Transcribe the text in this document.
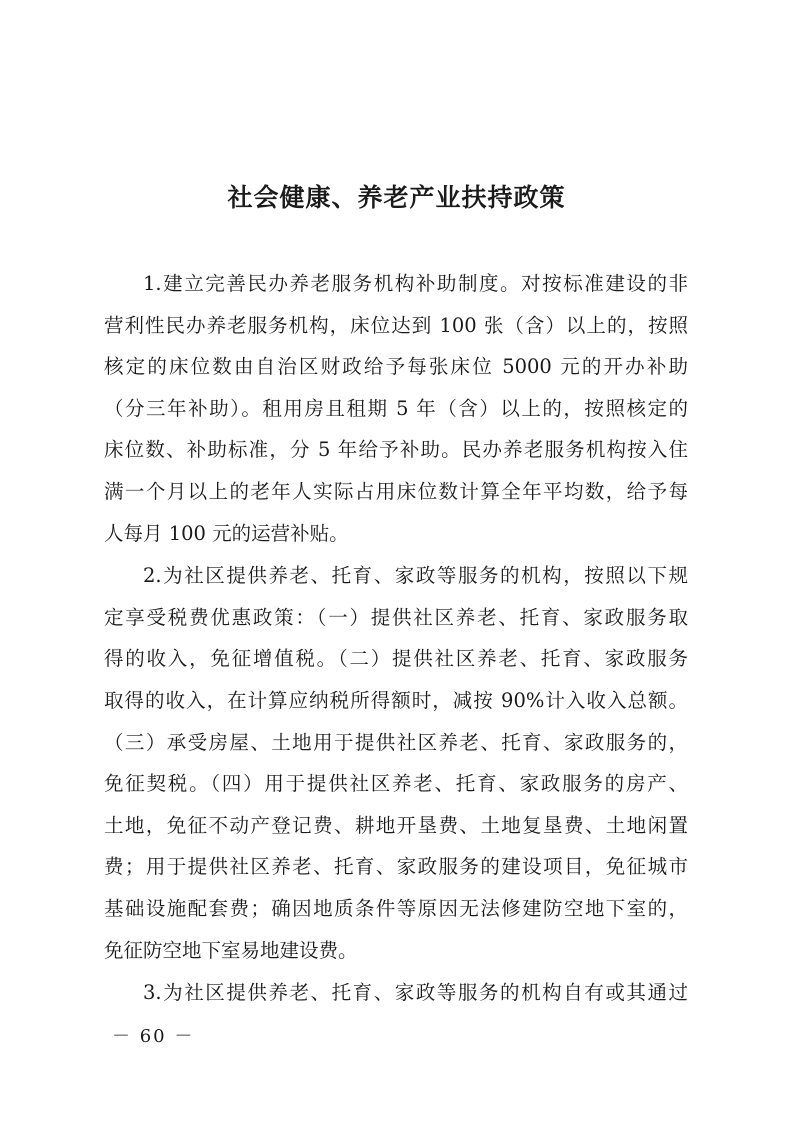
社会健康、养老产业扶持政策
1.建立完善民办养老服务机构补助制度。对按标准建设的非
营利性民办养老服务机构，床位达到 100 张（含）以上的，按照
核定的床位数由自治区财政给予每张床位 5000 元的开办补助
（分三年补助）。租用房且租期 5 年（含）以上的，按照核定的
床位数、补助标准，分 5 年给予补助。民办养老服务机构按入住
满一个月以上的老年人实际占用床位数计算全年平均数，给予每
人每月 100 元的运营补贴。
2.为社区提供养老、托育、家政等服务的机构，按照以下规
定享受税费优惠政策：（一）提供社区养老、托育、家政服务取
得的收入，免征增值税。（二）提供社区养老、托育、家政服务
取得的收入，在计算应纳税所得额时，减按 90%计入收入总额。
（三）承受房屋、土地用于提供社区养老、托育、家政服务的，
免征契税。（四）用于提供社区养老、托育、家政服务的房产、
土地，免征不动产登记费、耕地开垦费、土地复垦费、土地闲置
费；用于提供社区养老、托育、家政服务的建设项目，免征城市
基础设施配套费；确因地质条件等原因无法修建防空地下室的，
免征防空地下室易地建设费。
3.为社区提供养老、托育、家政等服务的机构自有或其通过
－ 60 －
